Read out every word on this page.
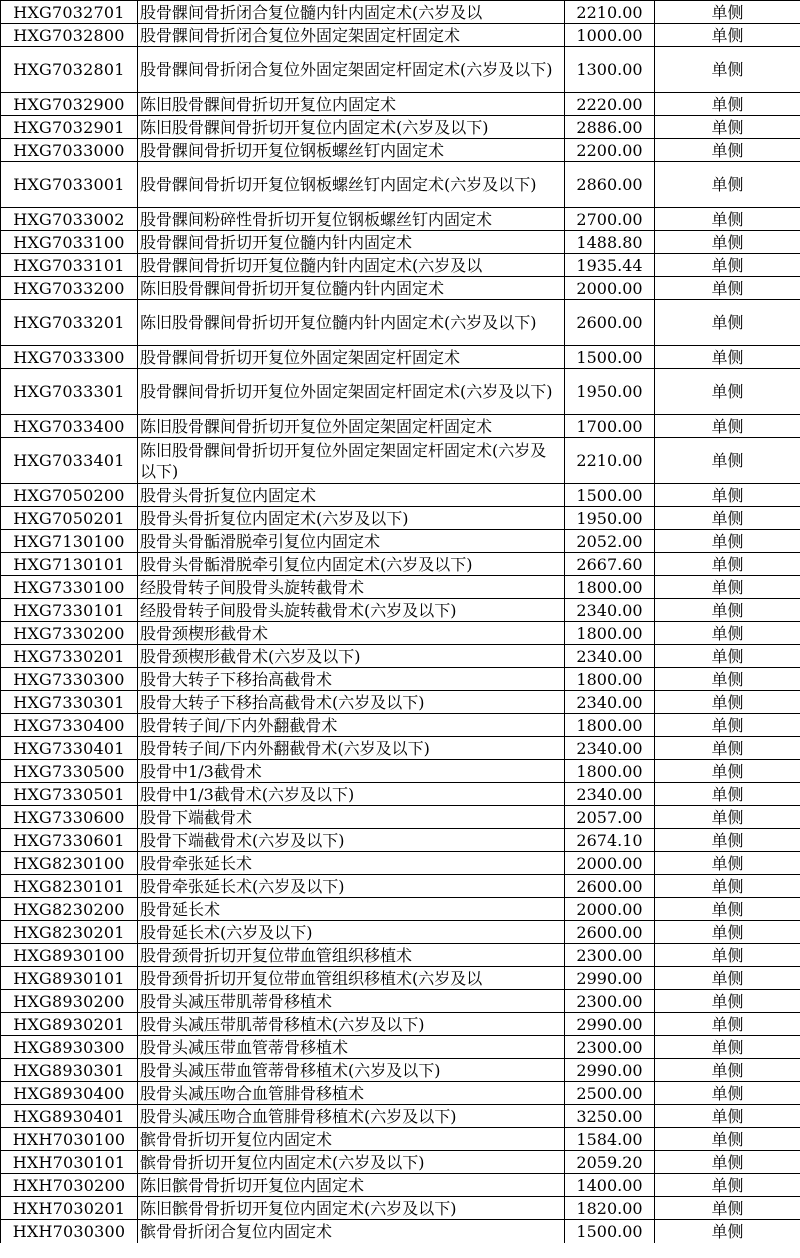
HXG7032701	股骨髁间骨折闭合复位髓内针内固定术(六岁及以	2210.00	单侧
HXG7032800	股骨髁间骨折闭合复位外固定架固定杆固定术	1000.00	单侧
HXG7032801	股骨髁间骨折闭合复位外固定架固定杆固定术(六岁及以下)	1300.00	单侧
HXG7032900	陈旧股骨髁间骨折切开复位内固定术	2220.00	单侧
HXG7032901	陈旧股骨髁间骨折切开复位内固定术(六岁及以下)	2886.00	单侧
HXG7033000	股骨髁间骨折切开复位钢板螺丝钉内固定术	2200.00	单侧
HXG7033001	股骨髁间骨折切开复位钢板螺丝钉内固定术(六岁及以下)	2860.00	单侧
HXG7033002	股骨髁间粉碎性骨折切开复位钢板螺丝钉内固定术	2700.00	单侧
HXG7033100	股骨髁间骨折切开复位髓内针内固定术	1488.80	单侧
HXG7033101	股骨髁间骨折切开复位髓内针内固定术(六岁及以	1935.44	单侧
HXG7033200	陈旧股骨髁间骨折切开复位髓内针内固定术	2000.00	单侧
HXG7033201	陈旧股骨髁间骨折切开复位髓内针内固定术(六岁及以下)	2600.00	单侧
HXG7033300	股骨髁间骨折切开复位外固定架固定杆固定术	1500.00	单侧
HXG7033301	股骨髁间骨折切开复位外固定架固定杆固定术(六岁及以下)	1950.00	单侧
HXG7033400	陈旧股骨髁间骨折切开复位外固定架固定杆固定术	1700.00	单侧
HXG7033401	陈旧股骨髁间骨折切开复位外固定架固定杆固定术(六岁及以下)	2210.00	单侧
HXG7050200	股骨头骨折复位内固定术	1500.00	单侧
HXG7050201	股骨头骨折复位内固定术(六岁及以下)	1950.00	单侧
HXG7130100	股骨头骨骺滑脱牵引复位内固定术	2052.00	单侧
HXG7130101	股骨头骨骺滑脱牵引复位内固定术(六岁及以下)	2667.60	单侧
HXG7330100	经股骨转子间股骨头旋转截骨术	1800.00	单侧
HXG7330101	经股骨转子间股骨头旋转截骨术(六岁及以下)	2340.00	单侧
HXG7330200	股骨颈楔形截骨术	1800.00	单侧
HXG7330201	股骨颈楔形截骨术(六岁及以下)	2340.00	单侧
HXG7330300	股骨大转子下移抬高截骨术	1800.00	单侧
HXG7330301	股骨大转子下移抬高截骨术(六岁及以下)	2340.00	单侧
HXG7330400	股骨转子间/下内外翻截骨术	1800.00	单侧
HXG7330401	股骨转子间/下内外翻截骨术(六岁及以下)	2340.00	单侧
HXG7330500	股骨中1/3截骨术	1800.00	单侧
HXG7330501	股骨中1/3截骨术(六岁及以下)	2340.00	单侧
HXG7330600	股骨下端截骨术	2057.00	单侧
HXG7330601	股骨下端截骨术(六岁及以下)	2674.10	单侧
HXG8230100	股骨牵张延长术	2000.00	单侧
HXG8230101	股骨牵张延长术(六岁及以下)	2600.00	单侧
HXG8230200	股骨延长术	2000.00	单侧
HXG8230201	股骨延长术(六岁及以下)	2600.00	单侧
HXG8930100	股骨颈骨折切开复位带血管组织移植术	2300.00	单侧
HXG8930101	股骨颈骨折切开复位带血管组织移植术(六岁及以	2990.00	单侧
HXG8930200	股骨头减压带肌蒂骨移植术	2300.00	单侧
HXG8930201	股骨头减压带肌蒂骨移植术(六岁及以下)	2990.00	单侧
HXG8930300	股骨头减压带血管蒂骨移植术	2300.00	单侧
HXG8930301	股骨头减压带血管蒂骨移植术(六岁及以下)	2990.00	单侧
HXG8930400	股骨头减压吻合血管腓骨移植术	2500.00	单侧
HXG8930401	股骨头减压吻合血管腓骨移植术(六岁及以下)	3250.00	单侧
HXH7030100	髌骨骨折切开复位内固定术	1584.00	单侧
HXH7030101	髌骨骨折切开复位内固定术(六岁及以下)	2059.20	单侧
HXH7030200	陈旧髌骨骨折切开复位内固定术	1400.00	单侧
HXH7030201	陈旧髌骨骨折切开复位内固定术(六岁及以下)	1820.00	单侧
HXH7030300	髌骨骨折闭合复位内固定术	1500.00	单侧
